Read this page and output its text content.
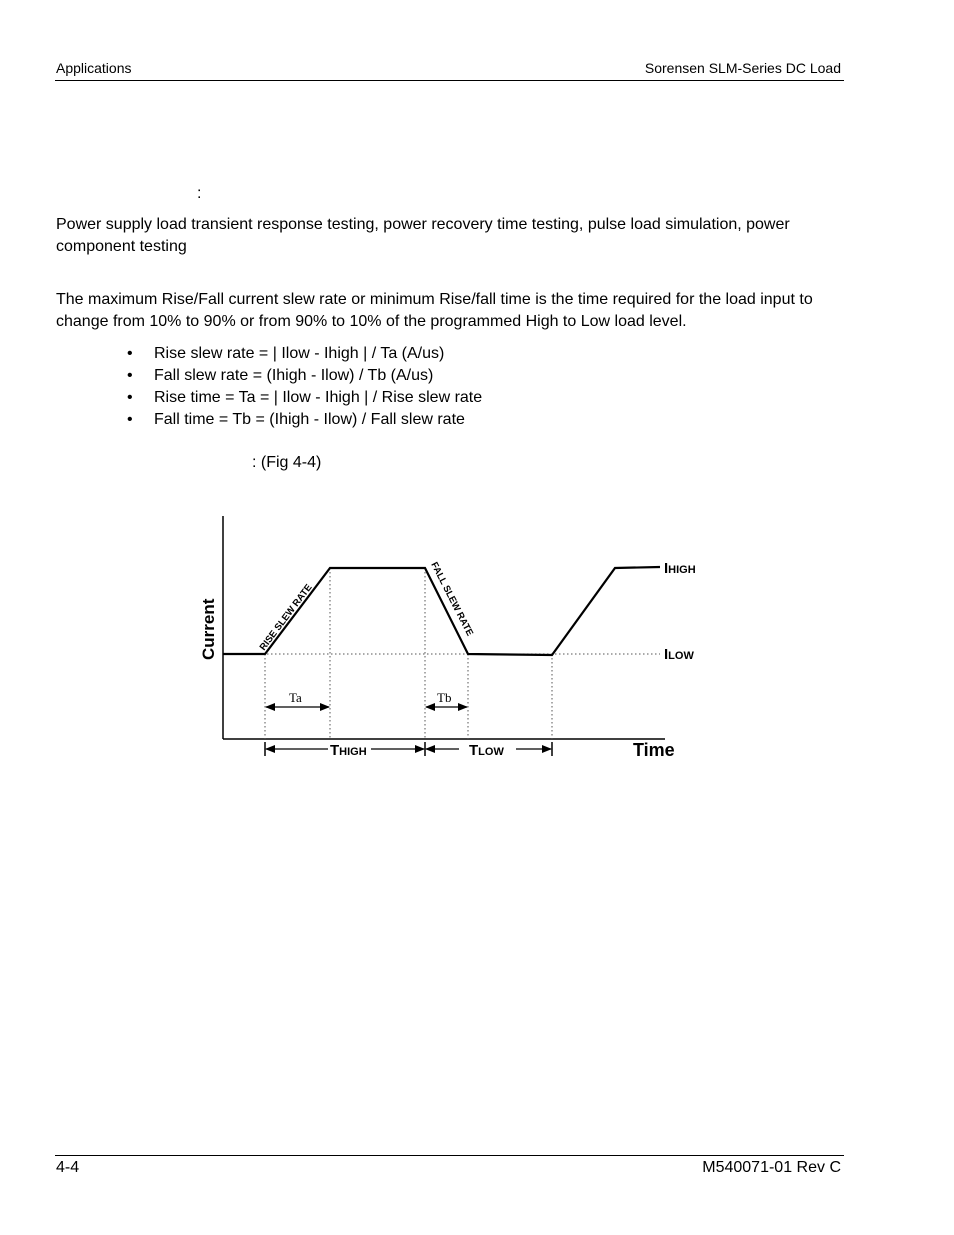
Applications	Sorensen SLM-Series DC Load
:
Power supply load transient response testing, power recovery time testing, pulse load simulation, power component testing
The maximum Rise/Fall current slew rate or minimum Rise/fall time is the time required for the load input to change from 10% to 90% or from 90% to 10% of the programmed High to Low load level.
• Rise slew rate = | Ilow - Ihigh | / Ta (A/us)
• Fall slew rate = (Ihigh - Ilow) / Tb (A/us)
• Rise time = Ta = | Ilow - Ihigh | / Rise slew rate
• Fall time = Tb = (Ihigh - Ilow) / Fall slew rate
: (Fig 4-4)
RISE SLEW RATE	FALL SLEW RATE
Current
Time
IHIGH
ILOW
Ta	Tb
THIGH	TLOW
4-4	M540071-01 Rev C
